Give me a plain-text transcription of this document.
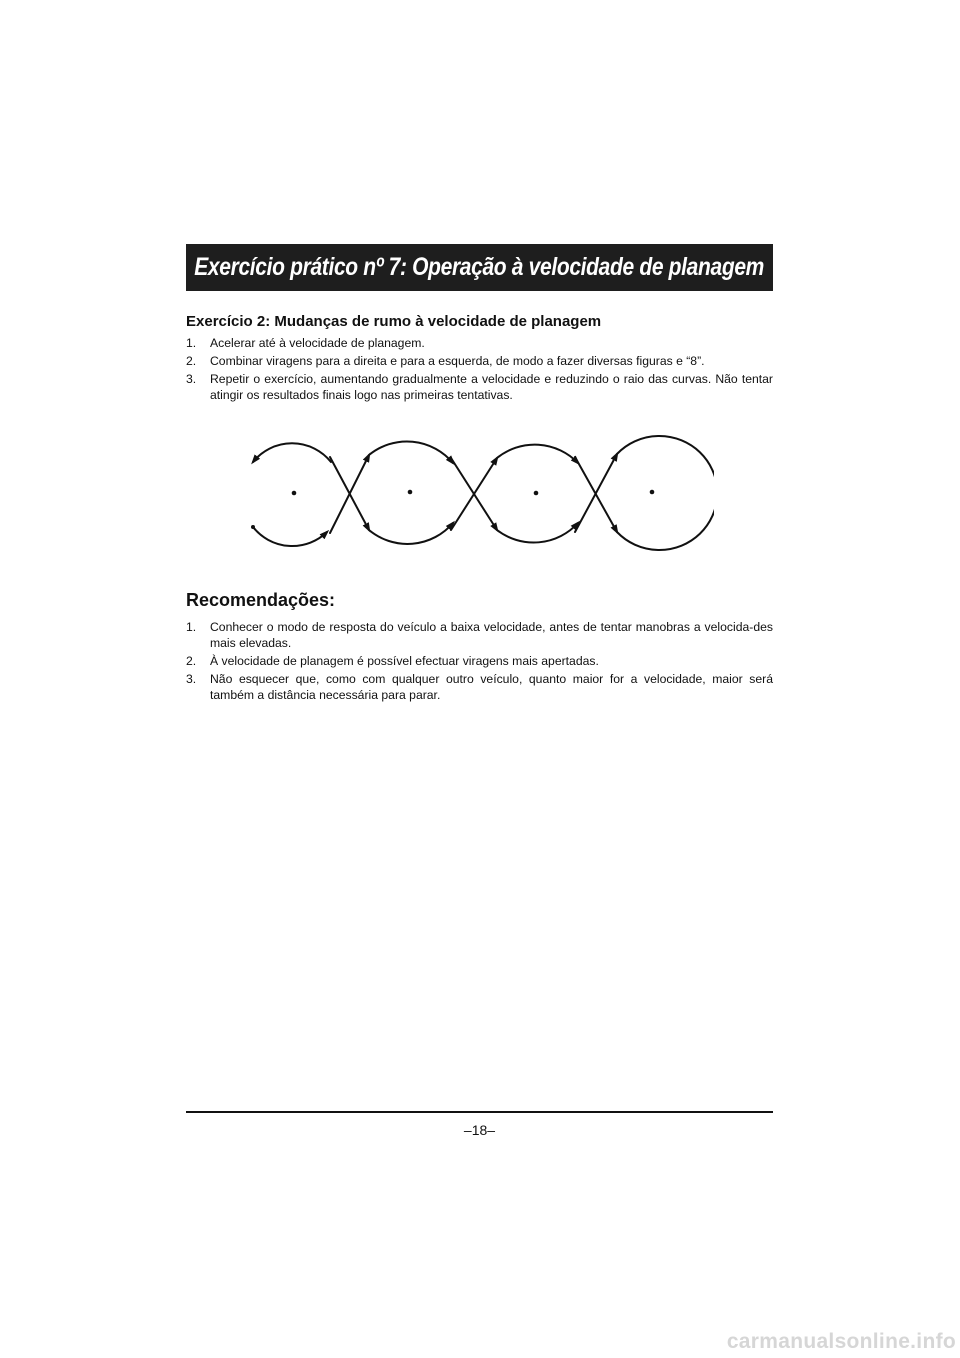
Exercício prático nº 7: Operação à velocidade de planagem
Exercício 2: Mudanças de rumo à velocidade de planagem
1. Acelerar até à velocidade de planagem.
2. Combinar viragens para a direita e para a esquerda, de modo a fazer diversas figuras e “8”.
3. Repetir o exercício, aumentando gradualmente a velocidade e reduzindo o raio das curvas. Não tentar atingir os resultados finais logo nas primeiras tentativas.
Recomendações:
1. Conhecer o modo de resposta do veículo a baixa velocidade, antes de tentar manobras a velocida-des mais elevadas.
2. À velocidade de planagem é possível efectuar viragens mais apertadas.
3. Não esquecer que, como com qualquer outro veículo, quanto maior for a velocidade, maior será também a distância necessária para parar.
–18–
carmanualsonline.info
